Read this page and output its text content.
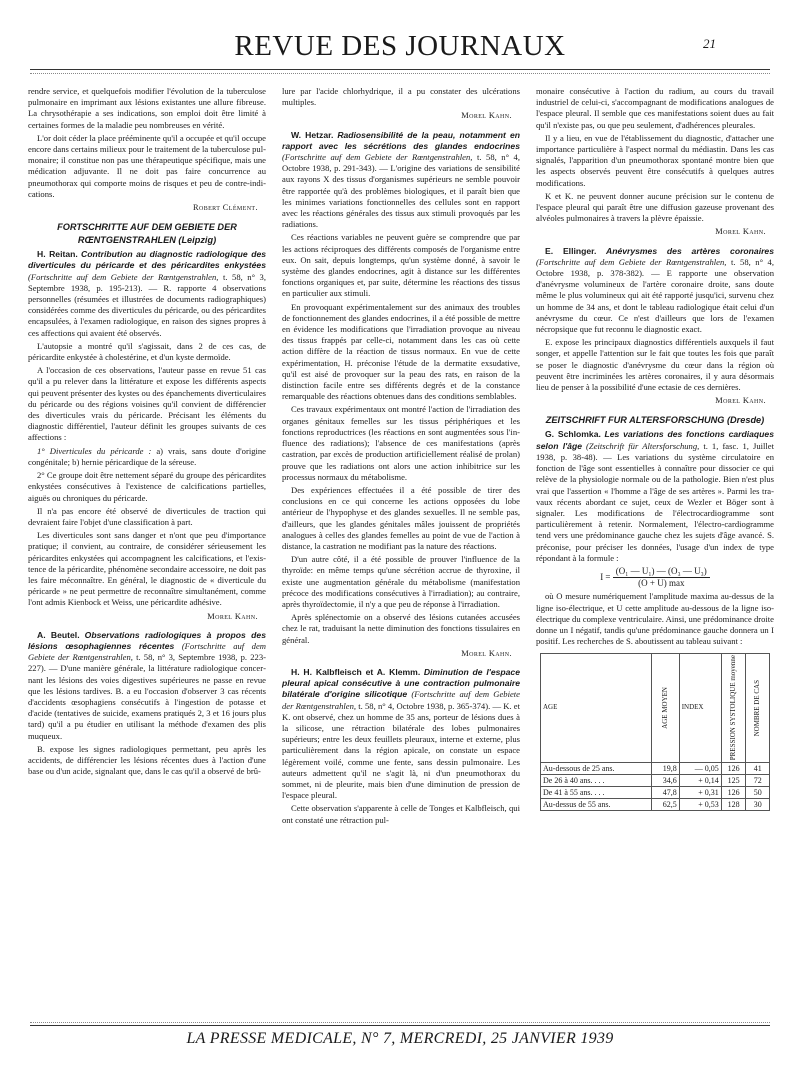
REVUE DES JOURNAUX	21

rendre service, et quelquefois modifier l'évolution de la tuberculose pulmonaire en imprimant aux lésions existantes une allure fibreuse. La chrysothérapie a ses indications, son emploi doit être limité à certaines formes de la maladie peu nombreuses en vérité.

L'or doit céder la place prééminente qu'il a occupée et qu'il occupe encore dans certains milieux pour le traitement de la tuberculose pulmonaire; il constitue non pas une thérapeutique spécifique, mais une médication adjuvante. Il ne doit pas faire concurrence au pneumothorax qui comporte moins de risques et peu de contre-indications.

Robert Clément.

FORTSCHRITTE AUF DEM GEBIETE DER RŒNTGENSTRAHLEN (Leipzig)

H. Reitan. Contribution au diagnostic radiologique des diverticules du péricarde et des péricardites enkystées (Fortschritte auf dem Gebiete der Rœntgenstrahlen, t. 58, n° 3, Septembre 1938, p. 195-213). — R. rapporte 4 observations personnelles (résumées et illustrées de documents radiographiques) considérées comme des diverticules du péricarde, ou des péricardites encapsulées, à l'examen radiologique, en raison des signes propres à ces affections qui avaient été observés.

L'autopsie a montré qu'il s'agissait, dans 2 de ces cas, de péricardite enkystée à cholestérine, et d'un kyste dermoïde.

A l'occasion de ces observations, l'auteur passe en revue 51 cas qu'il a pu relever dans la littérature et expose les différents aspects qui peuvent présenter des kystes ou des épanchements diverticulaires du péricarde ou des régions voisines qu'il convient de différencier des diverticules vrais du péricarde. Précisant les éléments du diagnostic différentiel, l'auteur définit les groupes suivants de ces affections :

1° Diverticules du péricarde : a) vrais, sans doute d'origine congénitale; b) hernie péricardique de la séreuse.

2° Ce groupe doit être nettement séparé du groupe des péricardites enkystées consécutives à l'existence de calcifications partielles, aiguës ou chroniques du péricarde.

Il n'a pas encore été observé de diverticules de traction qui devraient faire l'objet d'une classification à part.

Les diverticules sont sans danger et n'ont que peu d'importance pratique; il convient, au contraire, de considérer sérieusement les péricardites enkystées qui accompagnent les calcifications, et l'existence de la péricardite, phénomène secondaire accessoire, ne doit pas les faire méconnaître. En général, le diagnostic de « diverticule du péricarde » ne peut permettre de reconnaître simultanément, comme l'ont admis Kienbock et Weiss, une péricardite adhésive.

Morel Kahn.

A. Beutel. Observations radiologiques à propos des lésions œsophagiennes récentes (Fortschritte auf dem Gebiete der Rœntgenstrahlen, t. 58, n° 3, Septembre 1938, p. 223-227). — D'une manière générale, la littérature radiologique concernant les lésions des voies digestives supérieures ne passe en revue que les lésions tardives. B. a eu l'occasion d'observer 3 cas récents d'accidents œsophagiens consécutifs à l'ingestion de potasse et d'acide (tentatives de suicide, examens pratiqués 2, 3 et 16 jours plus tard) qu'il a pu étudier en utilisant la méthode d'examen des plis muqueux.

B. expose les signes radiologiques permettant, peu après les accidents, de différencier les lésions récentes dues à l'action d'une base ou d'un acide, signalant que, dans le cas qu'il a observé de brû-

lure par l'acide chlorhydrique, il a pu constater des ulcérations multiples.

Morel Kahn.

W. Hetzar. Radiosensibilité de la peau, notamment en rapport avec les sécrétions des glandes endocrines (Fortschritte auf dem Gebiete der Rœntgenstrahlen, t. 58, n° 4, Octobre 1938, p. 291-343). — L'origine des variations de sensibilité aux rayons X des tissus d'organismes supérieurs ne semble pouvoir être rapportée qu'à des problèmes biologiques, et il paraît bien que les minimes variations fonctionnelles des cellules sont en rapport avec les réactions générales des tissus aux stimuli provoqués par les radiations.

Ces réactions variables ne peuvent guère se comprendre que par les actions réciproques des différents composés de l'organisme entre eux. On sait, depuis longtemps, qu'un système donné, à savoir le système des glandes endocrines, agit à distance sur les différentes fonctions organiques et, par suite, détermine les réactions des tissus en particulier aux stimuli.

En provoquant expérimentalement sur des animaux des troubles de fonctionnement des glandes endocrines, il a été possible de mettre en évidence les modifications que l'irradiation provoque au niveau des tissus frappés par celle-ci, notamment dans les cas où cette action diffère de la réaction de tissus normaux. En vue de cette expérimentation, H. préconise l'étude de la dermatite exsudative, qu'il est aisé de provoquer sur la peau des rats, en raison de la distinction facile entre ses différents degrés et de la constance remarquable des réactions obtenues dans des conditions semblables.

Ces travaux expérimentaux ont montré l'action de l'irradiation des organes génitaux femelles sur les tissus périphériques et les fonctions reproductrices (les réactions en sont augmentées sous l'influence des radiations); l'absence de ces manifestations (après castration, par excès de production artificiellement réalisé de prolan) prouve que les radiations ont alors une action inhibitrice sur les processus normaux du métabolisme.

Des expériences effectuées il a été possible de tirer des conclusions en ce qui concerne les actions opposées du lobe antérieur de l'hypophyse et des glandes sexuelles. Il ne semble pas, d'ailleurs, que les glandes génitales mâles jouissent de propriétés analogues à celles des glandes femelles au point de vue de l'action à distance, la castration ne modifiant pas la nature des réactions.

D'un autre côté, il a été possible de prouver l'influence de la thyroïde: en même temps qu'une sécrétion accrue de thyroxine, il existe une augmentation générale du métabolisme (manifestation précoce des modifications consécutives à l'irradiation); au contraire, après thyroïdectomie, il n'y a que peu de réponse à l'irradiation.

Après splénectomie on a observé des lésions cutanées accusées chez le rat, traduisant la nette diminution des fonctions tissulaires en général.

Morel Kahn.

H. H. Kalbfleisch et A. Klemm. Diminution de l'espace pleural apical consécutive à une contraction pulmonaire bilatérale d'origine silicotique (Fortschritte auf dem Gebiete der Rœntgenstrahlen, t. 58, n° 4, Octobre 1938, p. 365-374). — K. et K. ont observé, chez un homme de 35 ans, porteur de lésions dues à la silicose, une rétraction bilatérale des lobes pulmonaires supérieurs; entre les deux feuillets pleuraux, interne et externe, plus particulièrement dans la région apicale, on constate un espace légèrement voilé, comme une fente, sans dessin pulmonaire. Les auteurs admettent qu'il ne s'agit là, ni d'un pneumothorax du sommet, ni de pleurite, mais bien d'une diminution de pression de l'espace pleural.

Cette observation s'apparente à celle de Tonges et Kalbfleisch, qui ont constaté une rétraction pul-

monaire consécutive à l'action du radium, au cours du travail industriel de celui-ci, s'accompagnant de modifications analogues de l'espace pleural. Il semble que ces manifestations soient dues au fait qu'il n'existe pas, ou que peu seulement, d'adhérences pleurales.

Il y a lieu, en vue de l'établissement du diagnostic, d'attacher une importance particulière à l'aspect normal du médiastin. Dans les cas signalés, l'apparition d'un pneumothorax spontané montre bien que les aspects observés peuvent être consécutifs à quelques autres modifications.

K et K. ne peuvent donner aucune précision sur le contenu de l'espace pleural qui paraît être une diffusion gazeuse provenant des alvéoles pulmonaires à travers la plèvre épaissie.

Morel Kahn.

E. Ellinger. Anévrysmes des artères coronaires (Fortschritte auf dem Gebiete der Rœntgenstrahlen, t. 58, n° 4, Octobre 1938, p. 378-382). — E rapporte une observation d'anévrysme volumineux de l'artère coronaire droite, sans doute même le plus volumineux qui ait été rapporté jusqu'ici, survenu chez un homme de 34 ans, et dont le tableau radiologique était celui d'un anévrysme du cœur. Ce n'est d'ailleurs que lors de l'examen nécropsique que fut reconnu le diagnostic exact.

E. expose les principaux diagnostics différentiels auxquels il faut songer, et appelle l'attention sur le fait que toutes les fois que paraît se poser le diagnostic d'anévrysme du cœur dans la région où peuvent être incriminées les artères coronaires, il y aura désormais lieu de penser à la possibilité d'une ectasie de ces dernières.

Morel Kahn.

ZEITSCHRIFT FUR ALTERSFORSCHUNG (Dresde)

G. Schlomka. Les variations des fonctions cardiaques selon l'âge (Zeitschrift für Altersforschung, t. 1, fasc. 1, Juillet 1938, p. 38-48). — Les variations du système circulatoire en fonction de l'âge sont essentielles à connaître pour dissocier ce qui relève de la physiologie normale ou de la pathologie. Bien n'est plus vrai que l'assertion « l'homme a l'âge de ses artères ». Parmi les travaux récents abordant ce sujet, ceux de Wezler et Böger sont à signaler. Les modifications de l'électrocardiogramme sont particulièrement à retenir. Normalement, l'électro-cardiogramme tend vers une prédominance gauche chez les sujets d'âge avancé. S. préconise, pour préciser les données, l'usage d'un index de type répondant à la formule :

$I = \frac{\text{(O₁ — U₁) — (O₃ — U₃)}}{(O + U) \max}$

où O mesure numériquement l'amplitude maxima au-dessus de la ligne iso-électrique, et U cette amplitude au-dessous de la ligne iso-électrique du complexe ventriculaire. Ainsi, une prédominance droite donne un I négatif, tandis qu'une prédominance gauche donnera un I positif. Les recherches de S. aboutissent au tableau suivant :

AGE	AGE MOYEN	INDEX	PRESSION SYSTOLIQUE moyenne	NOMBRE DE CAS

Au-dessous de 25 ans.	19,8	— 0,05	126	41
De 26 à 40 ans. . . .	34,6	+ 0,14	125	72
De 41 à 55 ans. . . .	47,8	+ 0,31	126	50
Au-dessus de 55 ans.	62,5	+ 0,53	128	30
LA PRESSE MEDICALE, N° 7, MERCREDI, 25 JANVIER 1939
